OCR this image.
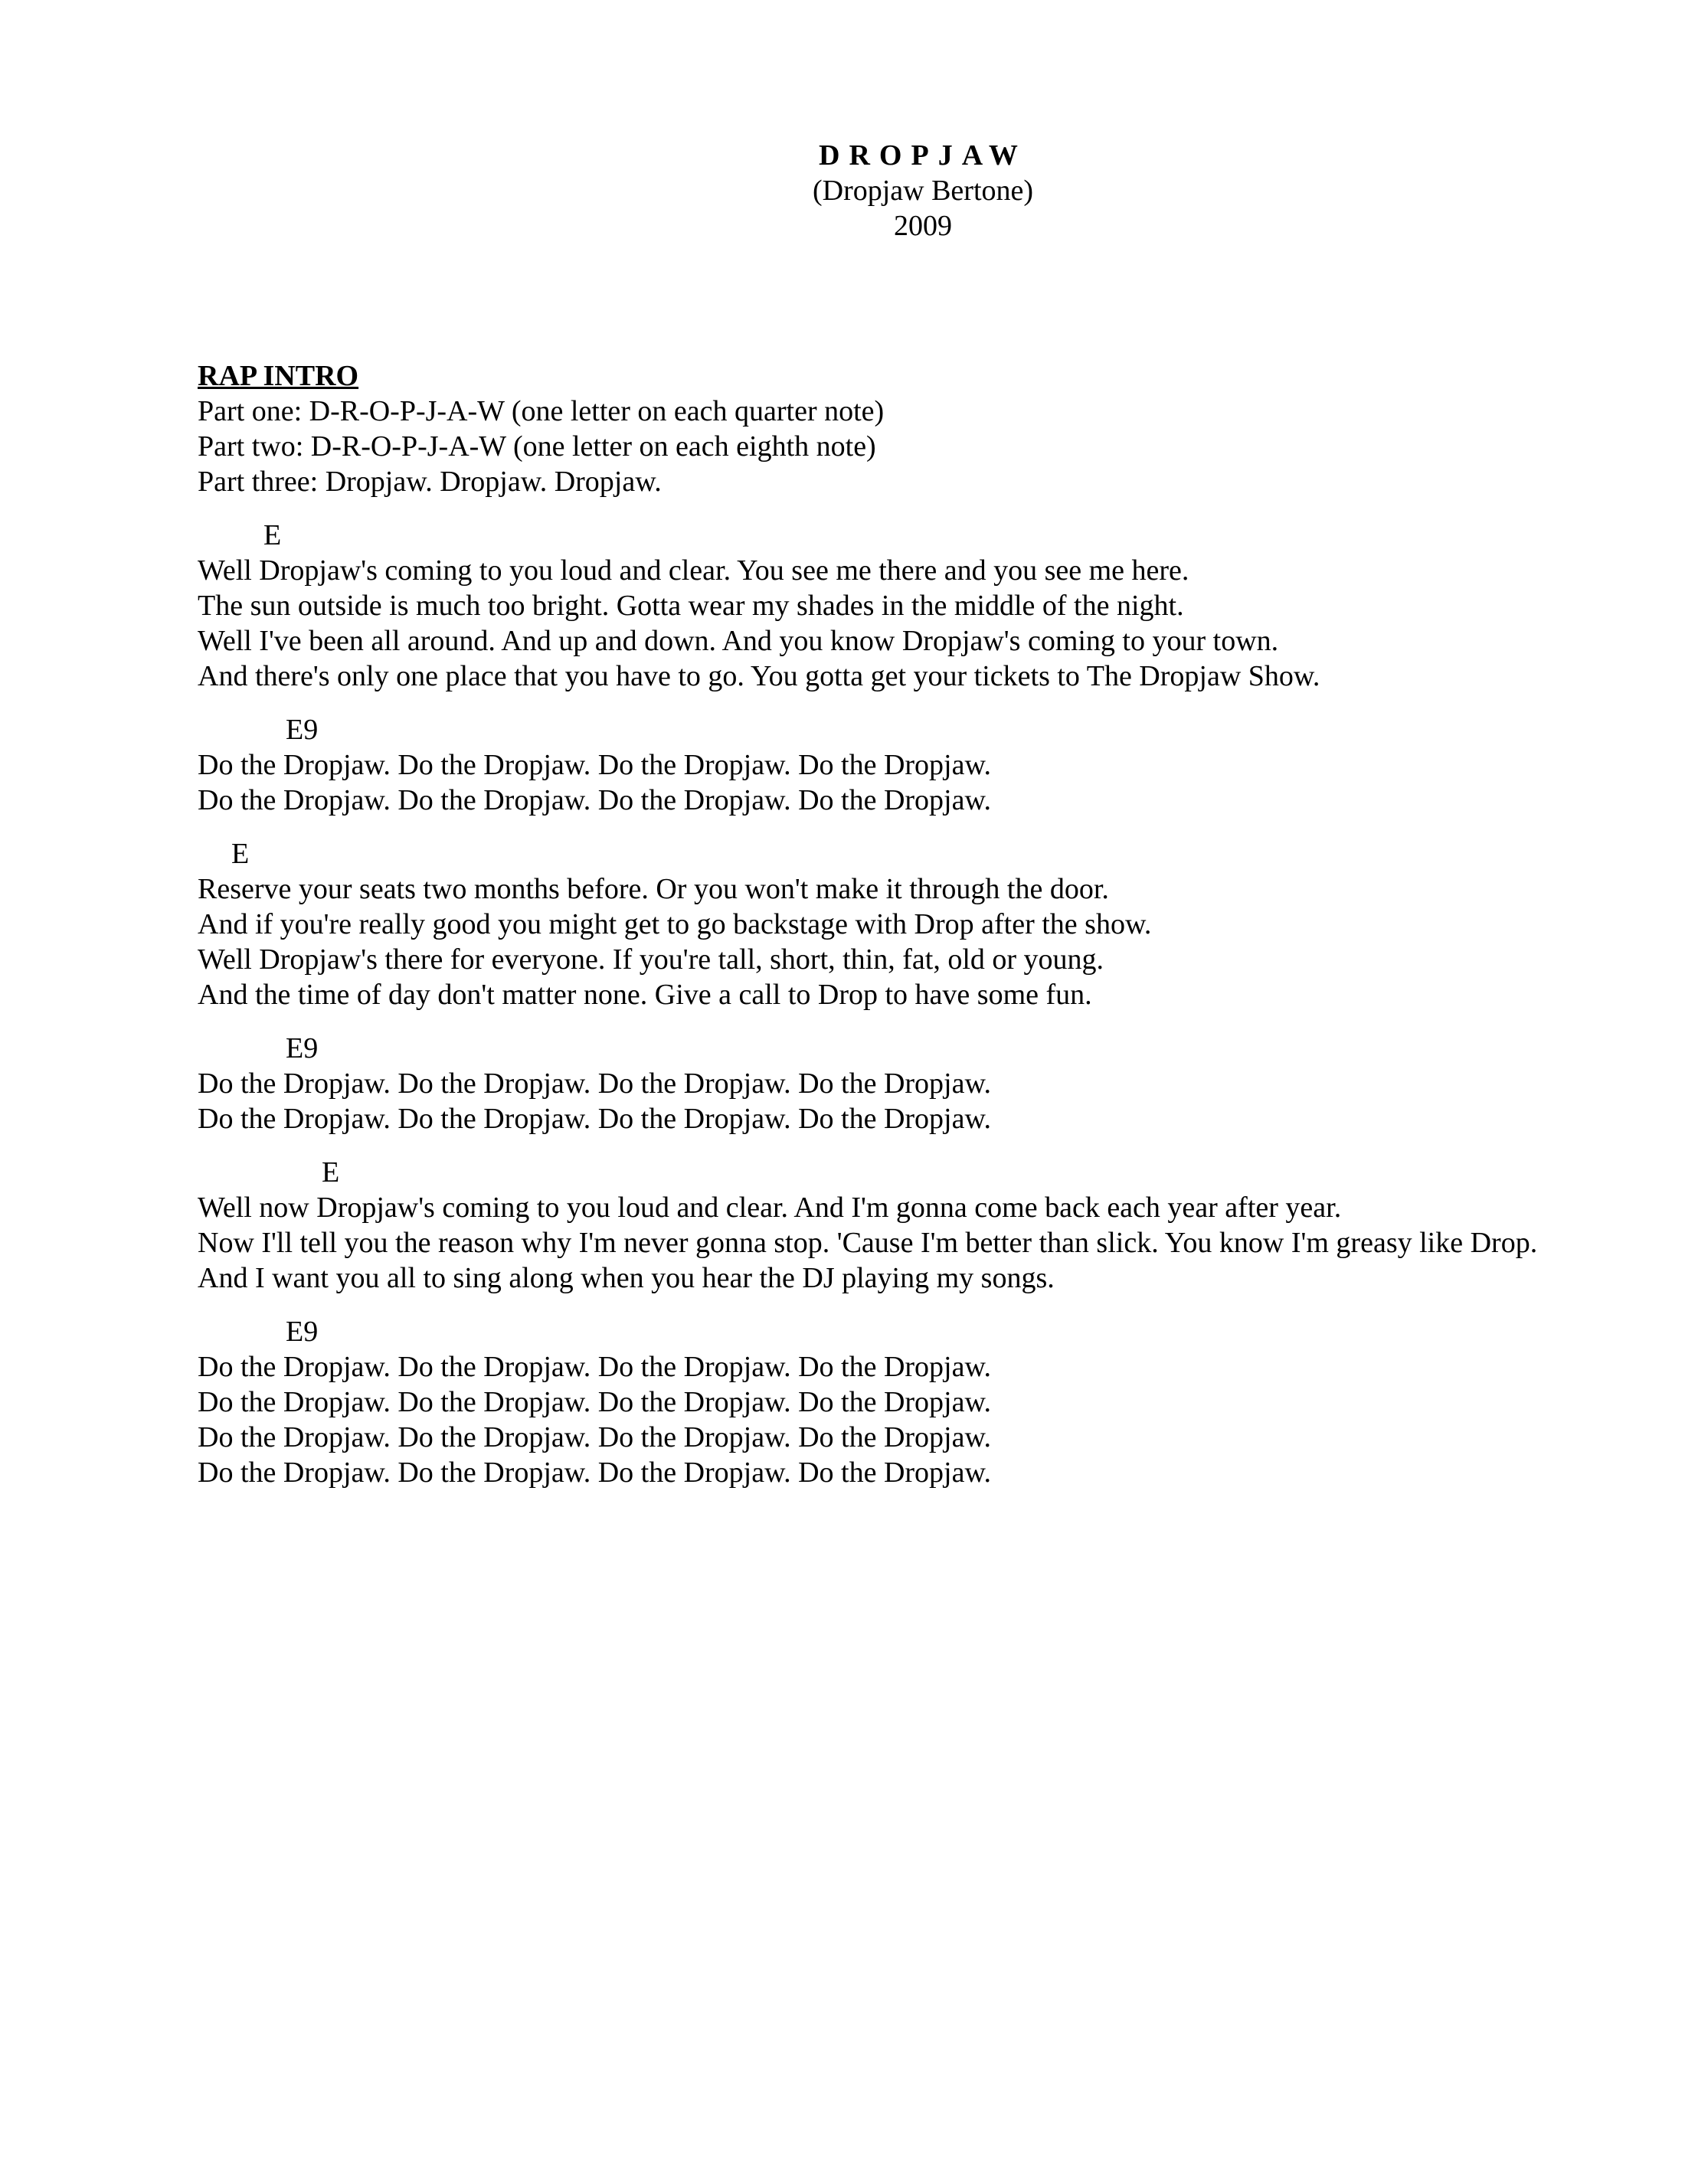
DROPJAW
(Dropjaw Bertone)
2009
RAP INTRO
Part one: D-R-O-P-J-A-W (one letter on each quarter note)
Part two: D-R-O-P-J-A-W (one letter on each eighth note)
Part three: Dropjaw. Dropjaw. Dropjaw.
E
Well Dropjaw's coming to you loud and clear. You see me there and you see me here.
The sun outside is much too bright. Gotta wear my shades in the middle of the night.
Well I've been all around. And up and down. And you know Dropjaw's coming to your town.
And there's only one place that you have to go. You gotta get your tickets to The Dropjaw Show.
E9
Do the Dropjaw. Do the Dropjaw. Do the Dropjaw. Do the Dropjaw.
Do the Dropjaw. Do the Dropjaw. Do the Dropjaw. Do the Dropjaw.
E
Reserve your seats two months before. Or you won't make it through the door.
And if you're really good you might get to go backstage with Drop after the show.
Well Dropjaw's there for everyone. If you're tall, short, thin, fat, old or young.
And the time of day don't matter none. Give a call to Drop to have some fun.
E9
Do the Dropjaw. Do the Dropjaw. Do the Dropjaw. Do the Dropjaw.
Do the Dropjaw. Do the Dropjaw. Do the Dropjaw. Do the Dropjaw.
E
Well now Dropjaw's coming to you loud and clear. And I'm gonna come back each year after year.
Now I'll tell you the reason why I'm never gonna stop. 'Cause I'm better than slick. You know I'm greasy like Drop.
And I want you all to sing along when you hear the DJ playing my songs.
E9
Do the Dropjaw. Do the Dropjaw. Do the Dropjaw. Do the Dropjaw.
Do the Dropjaw. Do the Dropjaw. Do the Dropjaw. Do the Dropjaw.
Do the Dropjaw. Do the Dropjaw. Do the Dropjaw. Do the Dropjaw.
Do the Dropjaw. Do the Dropjaw. Do the Dropjaw. Do the Dropjaw.
